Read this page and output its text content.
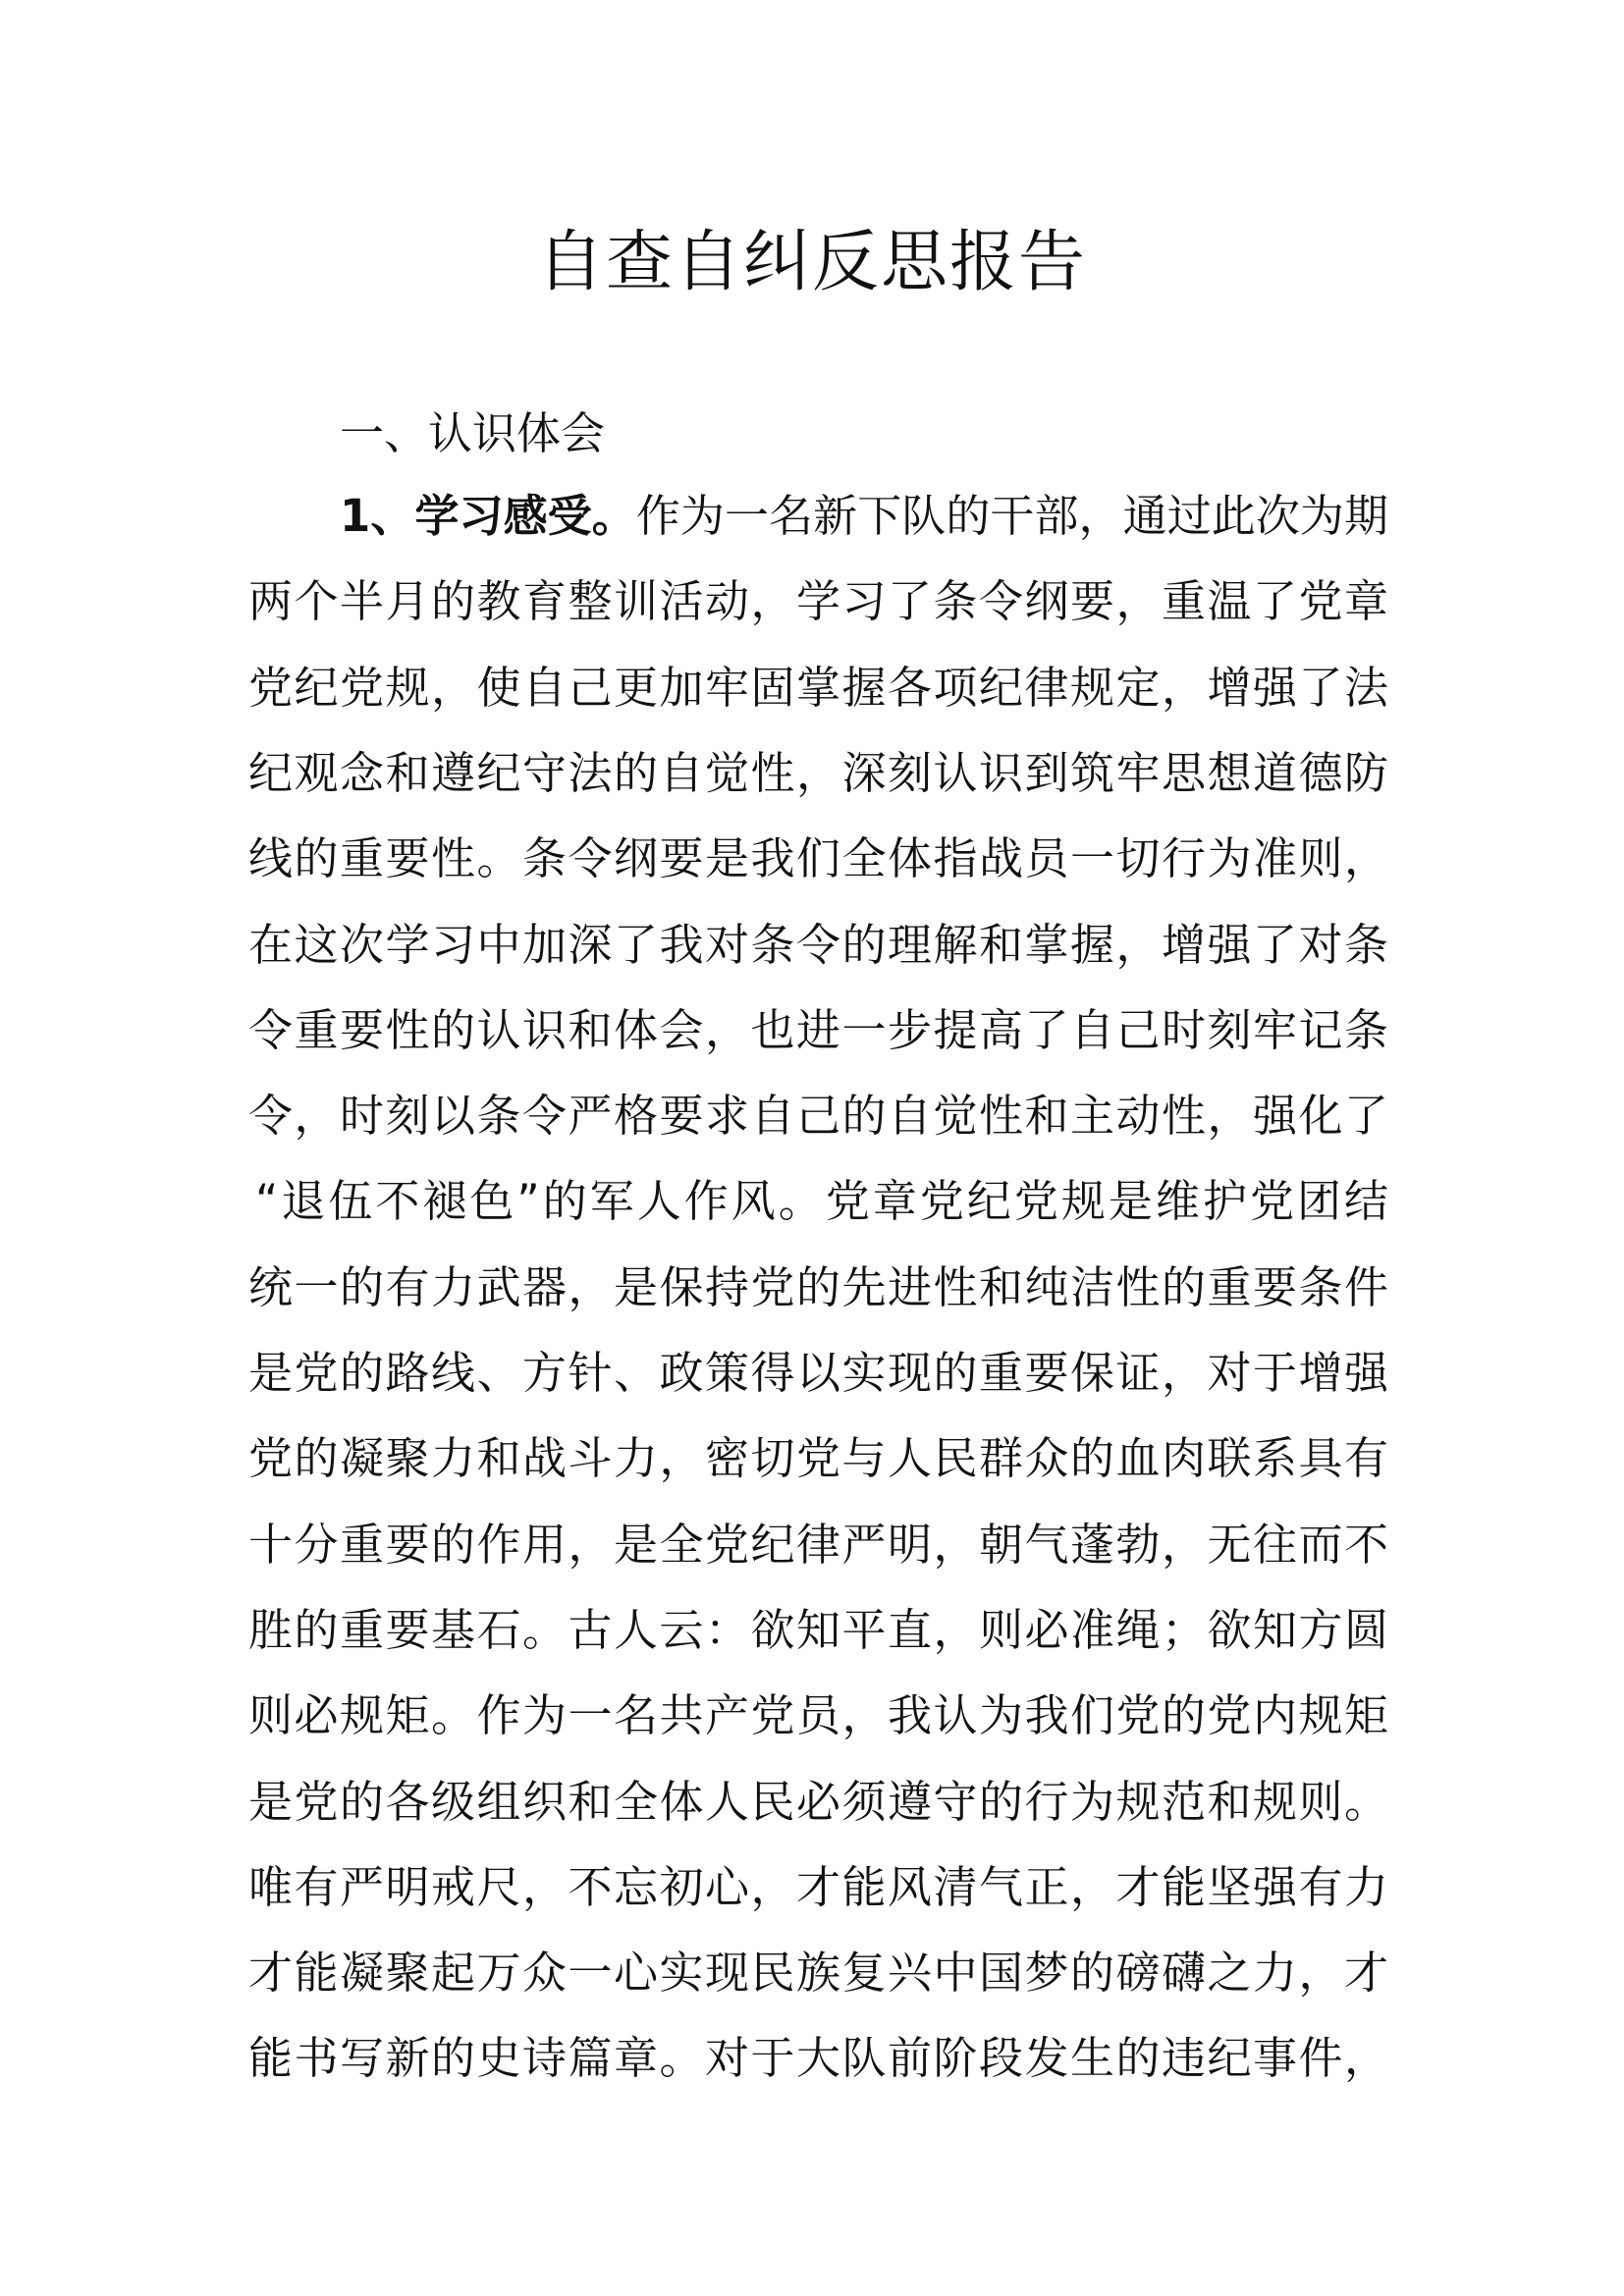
自查自纠反思报告
一、认识体会
1、学习感受。作为一名新下队的干部，通过此次为期
两个半月的教育整训活动，学习了条令纲要，重温了党章
党纪党规，使自己更加牢固掌握各项纪律规定，增强了法
纪观念和遵纪守法的自觉性，深刻认识到筑牢思想道德防
线的重要性。条令纲要是我们全体指战员一切行为准则，
在这次学习中加深了我对条令的理解和掌握，增强了对条
令重要性的认识和体会，也进一步提高了自己时刻牢记条
令，时刻以条令严格要求自己的自觉性和主动性，强化了
“退伍不褪色”的军人作风。党章党纪党规是维护党团结
统一的有力武器，是保持党的先进性和纯洁性的重要条件
是党的路线、方针、政策得以实现的重要保证，对于增强
党的凝聚力和战斗力，密切党与人民群众的血肉联系具有
十分重要的作用，是全党纪律严明，朝气蓬勃，无往而不
胜的重要基石。古人云：欲知平直，则必准绳；欲知方圆
则必规矩。作为一名共产党员，我认为我们党的党内规矩
是党的各级组织和全体人民必须遵守的行为规范和规则。
唯有严明戒尺，不忘初心，才能风清气正，才能坚强有力
才能凝聚起万众一心实现民族复兴中国梦的磅礴之力，才
能书写新的史诗篇章。对于大队前阶段发生的违纪事件，
